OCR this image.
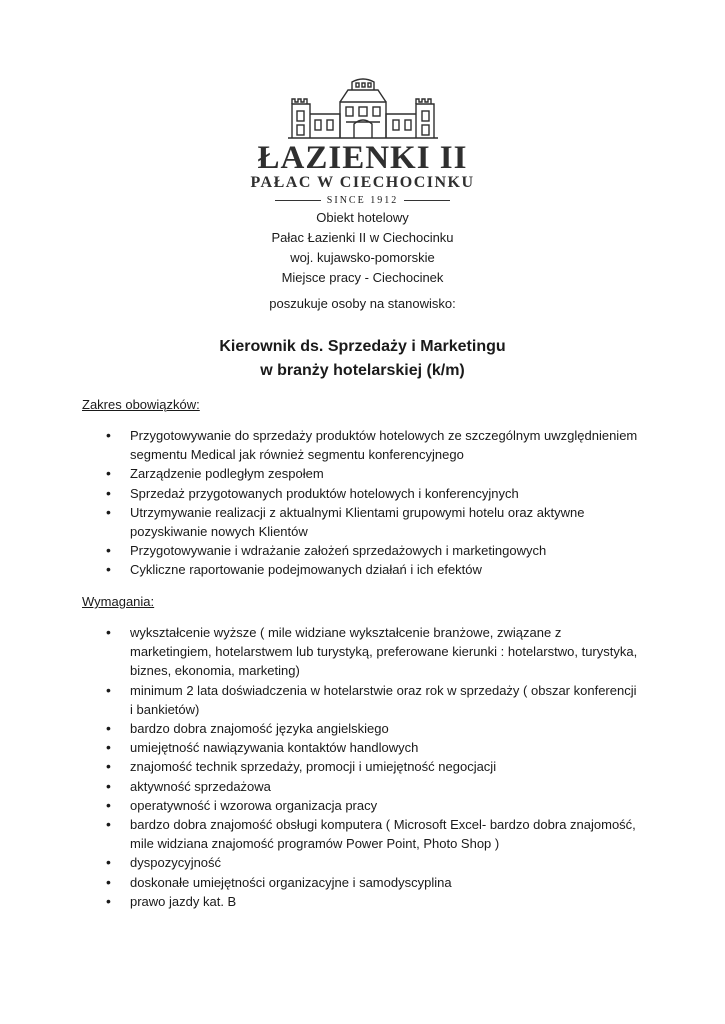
ŁAZIENKI II
PAŁAC W CIECHOCINKU
SINCE 1912
Obiekt hotelowy
Pałac Łazienki II w Ciechocinku
woj. kujawsko-pomorskie
Miejsce pracy - Ciechocinek
poszukuje osoby na stanowisko:
Kierownik ds. Sprzedaży i Marketingu
w branży hotelarskiej (k/m)
Zakres obowiązków:
• Przygotowywanie do sprzedaży produktów hotelowych ze szczególnym uwzględnieniem segmentu Medical jak również segmentu konferencyjnego
• Zarządzenie podległym zespołem
• Sprzedaż przygotowanych produktów hotelowych i konferencyjnych
• Utrzymywanie realizacji z aktualnymi Klientami grupowymi hotelu oraz aktywne pozyskiwanie nowych Klientów
• Przygotowywanie i wdrażanie założeń sprzedażowych i marketingowych
• Cykliczne raportowanie podejmowanych działań i ich efektów
Wymagania:
• wykształcenie wyższe ( mile widziane wykształcenie branżowe, związane z marketingiem, hotelarstwem lub turystyką, preferowane kierunki : hotelarstwo, turystyka, biznes, ekonomia, marketing)
• minimum 2 lata doświadczenia w hotelarstwie oraz rok w sprzedaży ( obszar konferencji i bankietów)
• bardzo dobra znajomość języka angielskiego
• umiejętność nawiązywania kontaktów handlowych
• znajomość technik sprzedaży, promocji i umiejętność negocjacji
• aktywność sprzedażowa
• operatywność i wzorowa organizacja pracy
• bardzo dobra znajomość obsługi komputera ( Microsoft Excel- bardzo dobra znajomość, mile widziana znajomość programów Power Point, Photo Shop )
• dyspozycyjność
• doskonałe umiejętności organizacyjne i samodyscyplina
• prawo jazdy kat. B
